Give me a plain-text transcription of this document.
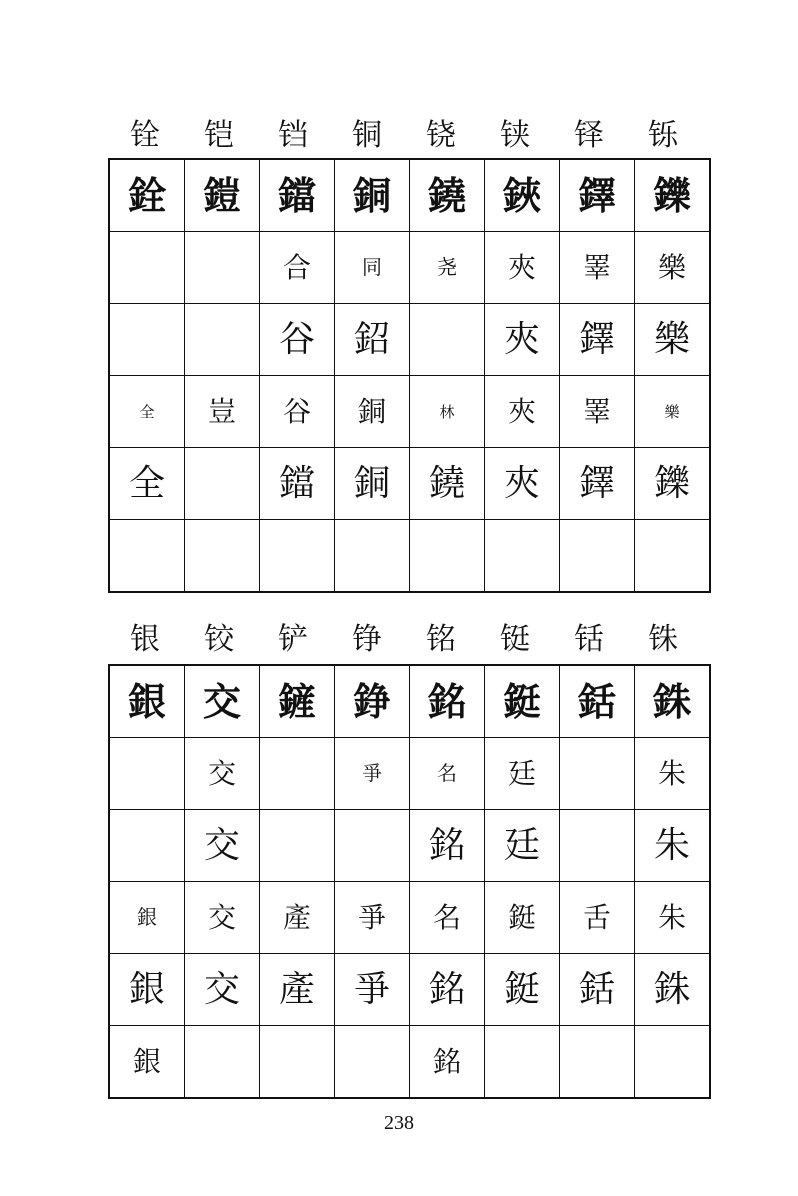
铨	铠	铛	铜	铙	铗	铎	铄
銓	鎧	鐺	銅	鐃	鋏	鐸	鑠
		合	同	尧	夾	睪	樂
		谷	鉊		夾	鐸	樂
全	豈	谷	銅	林	夾	睪	樂
全		鐺	銅	鐃	夾	鐸	鑠

银	铰	铲	铮	铭	铤	铦	铢
銀	交	鏟	錚	銘	鋌	銛	銖
	交		爭	名	廷		朱
	交			銘	廷		朱
銀	交	產	爭	名	鋌	舌	朱
銀	交	產	爭	銘	鋌	銛	銖
銀				銘			
238
